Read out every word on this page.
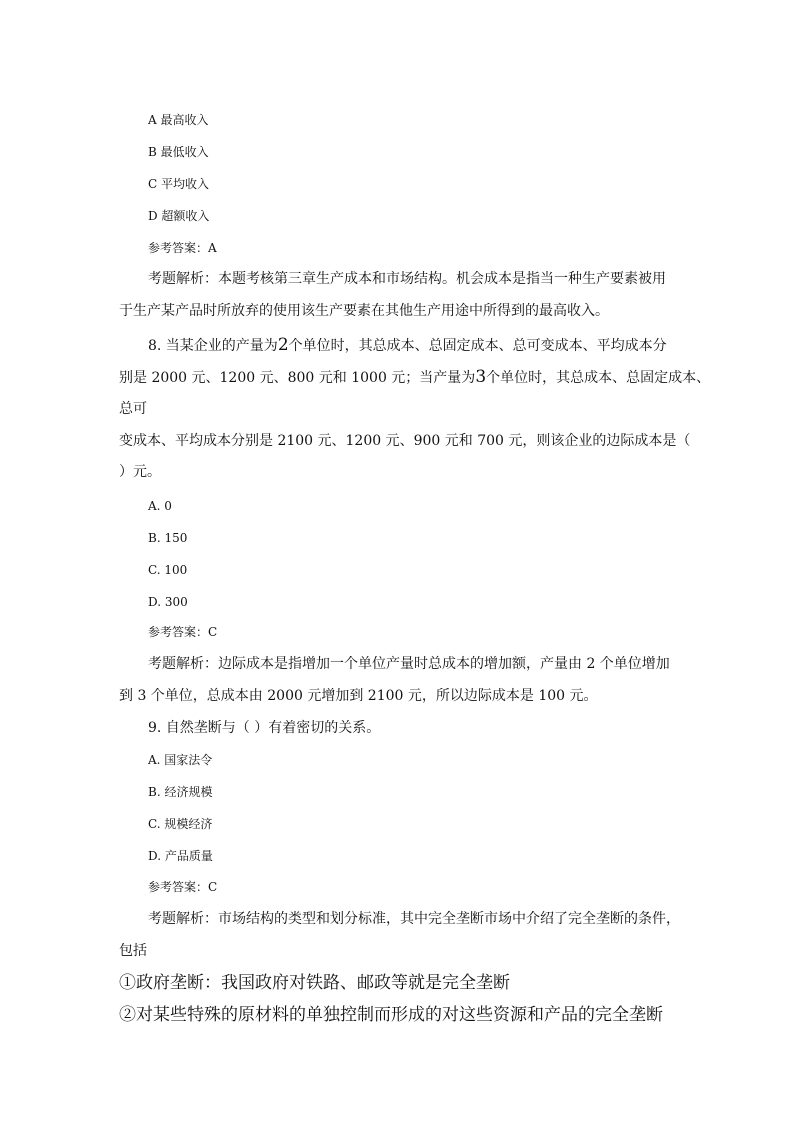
A 最高收入
B 最低收入
C 平均收入
D 超额收入
参考答案：A
考题解析：本题考核第三章生产成本和市场结构。机会成本是指当一种生产要素被用
于生产某产品时所放弃的使用该生产要素在其他生产用途中所得到的最高收入。
8. 当某企业的产量为2个单位时，其总成本、总固定成本、总可变成本、平均成本分
别是 2000 元、1200 元、800 元和 1000 元；当产量为3个单位时，其总成本、总固定成本、
总可
变成本、平均成本分别是 2100 元、1200 元、900 元和 700 元，则该企业的边际成本是（
）元。
A. 0
B. 150
C. 100
D. 300
参考答案：C
考题解析：边际成本是指增加一个单位产量时总成本的增加额，产量由 2 个单位增加
到 3 个单位，总成本由 2000 元增加到 2100 元，所以边际成本是 100 元。
9. 自然垄断与（ ）有着密切的关系。
A. 国家法令
B. 经济规模
C. 规模经济
D. 产品质量
参考答案：C
考题解析：市场结构的类型和划分标准，其中完全垄断市场中介绍了完全垄断的条件，
包括
①政府垄断：我国政府对铁路、邮政等就是完全垄断
②对某些特殊的原材料的单独控制而形成的对这些资源和产品的完全垄断
